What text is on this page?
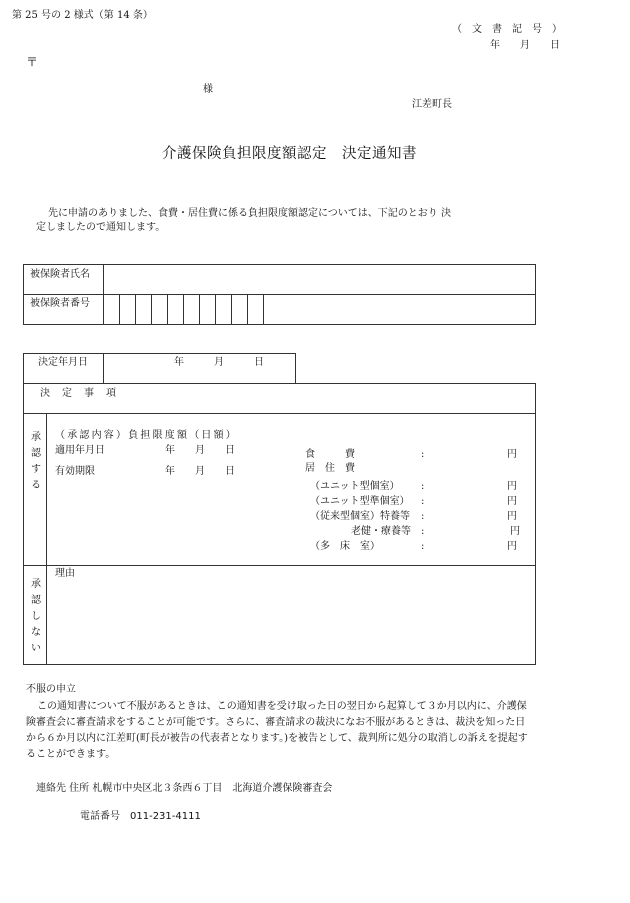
第 25 号の 2 様式（第 14 条）
（　文　書　記　号　）
年　　月　　日
〒
様
江差町長
介護保険負担限度額認定　決定通知書
先に申請のありました、食費・居住費に係る負担限度額認定については、下記のとおり 決
定しましたので通知します。
被保険者氏名
被保険者番号
決定年月日	年　　　月　　　日
決　定　事　項
承認する
（承認内容）負担限度額（日額）
適用年月日	年　　月　　日
有効期限	年　　月　　日
食　　　費	:	円
居　住　費
（ユニット型個室） :	円
（ユニット型準個室） :	円
（従来型個室）特養等 :	円
老健・療養等 :	円
（多　床　室）	:	円
承認しない
理由
不服の申立
この通知書について不服があるときは、この通知書を受け取った日の翌日から起算して３か月以内に、介護保
険審査会に審査請求をすることが可能です。さらに、審査請求の裁決になお不服があるときは、裁決を知った日
から６か月以内に江差町(町長が被告の代表者となります。)を被告として、裁判所に処分の取消しの訴えを提起す
ることができます。
連絡先 住所 札幌市中央区北３条西６丁目　北海道介護保険審査会
電話番号 011-231-4111
